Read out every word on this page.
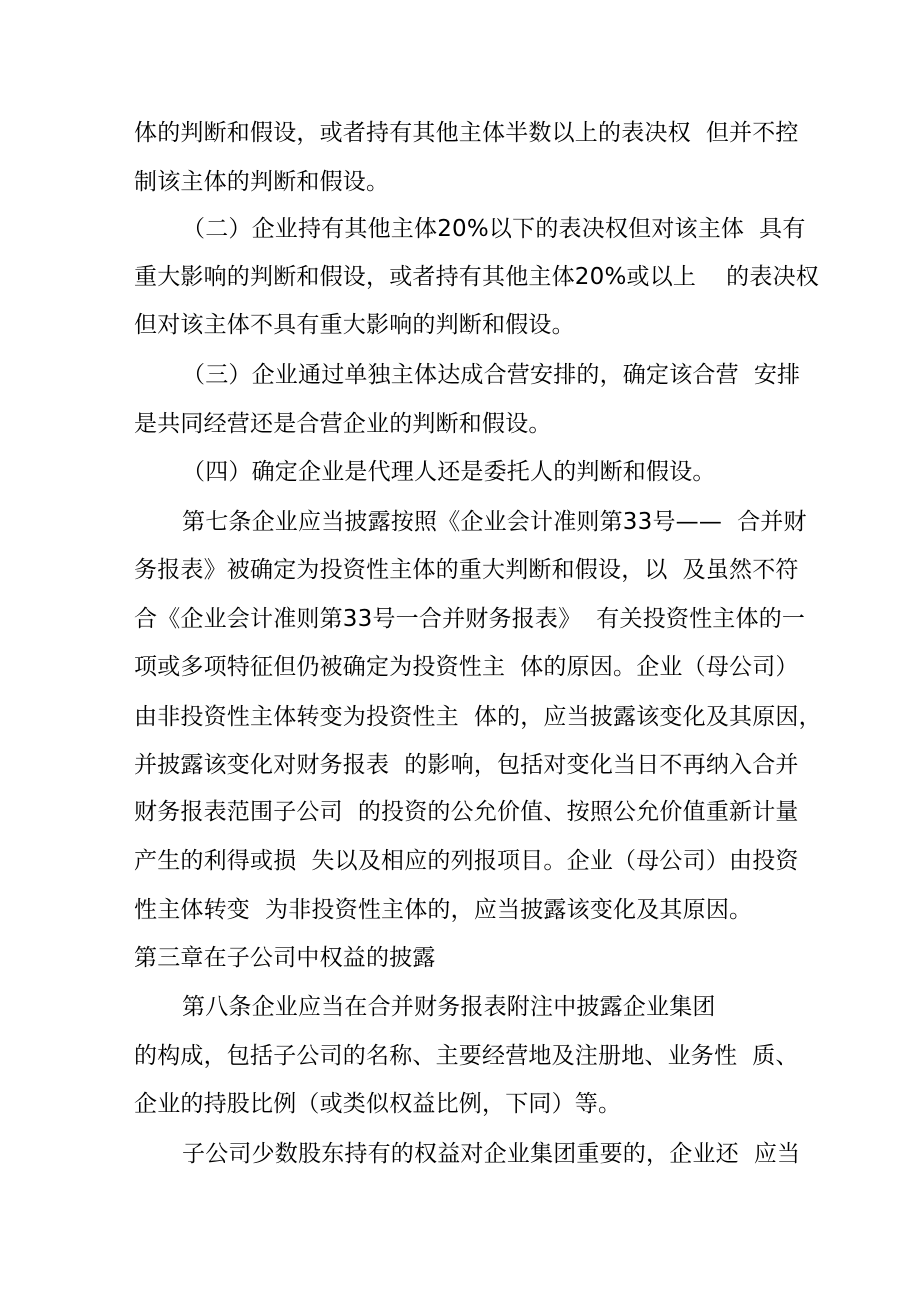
体的判断和假设，或者持有其他主体半数以上的表决权  但并不控
制该主体的判断和假设。
（二）企业持有其他主体20%以下的表决权但对该主体  具有
重大影响的判断和假设，或者持有其他主体20%或以上    的表决权
但对该主体不具有重大影响的判断和假设。
（三）企业通过单独主体达成合营安排的，确定该合营  安排
是共同经营还是合营企业的判断和假设。
（四）确定企业是代理人还是委托人的判断和假设。
第七条企业应当披露按照《企业会计准则第33号——  合并财
务报表》被确定为投资性主体的重大判断和假设，以  及虽然不符
合《企业会计准则第33号一合并财务报表》  有关投资性主体的一
项或多项特征但仍被确定为投资性主  体的原因。企业（母公司）
由非投资性主体转变为投资性主  体的，应当披露该变化及其原因，
并披露该变化对财务报表  的影响，包括对变化当日不再纳入合并
财务报表范围子公司  的投资的公允价值、按照公允价值重新计量
产生的利得或损  失以及相应的列报项目。企业（母公司）由投资
性主体转变  为非投资性主体的，应当披露该变化及其原因。
第三章在子公司中权益的披露
第八条企业应当在合并财务报表附注中披露企业集团
的构成，包括子公司的名称、主要经营地及注册地、业务性  质、
企业的持股比例（或类似权益比例，下同）等。
子公司少数股东持有的权益对企业集团重要的，企业还  应当
